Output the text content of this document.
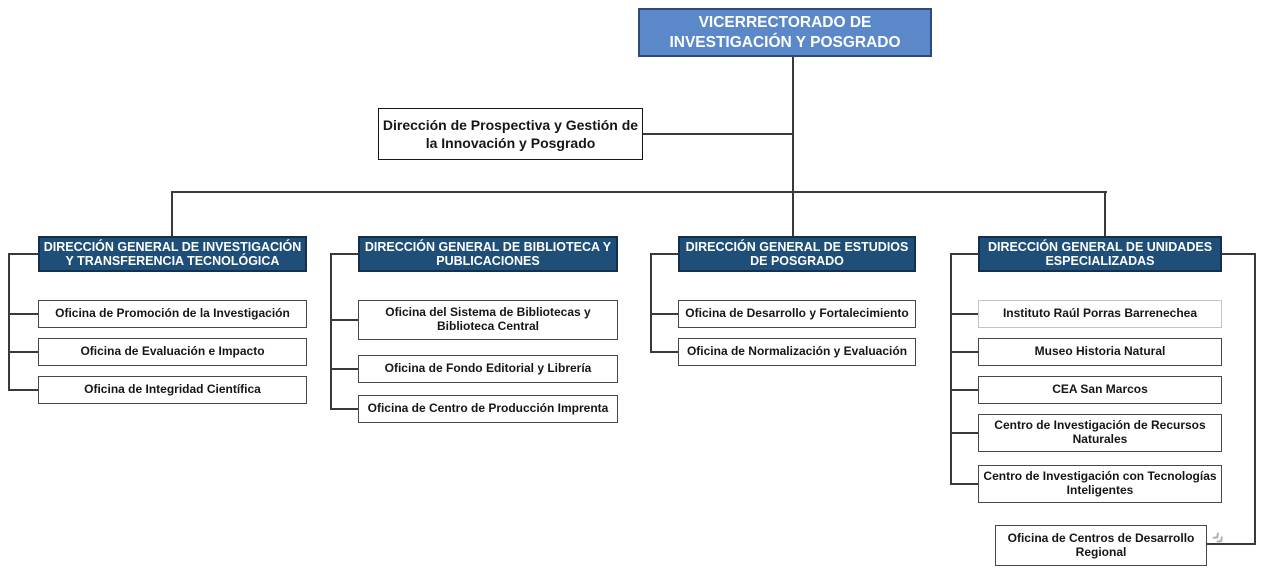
››
VICERRECTORADO DE INVESTIGACIÓN Y POSGRADO
Dirección de Prospectiva y Gestión de la Innovación y Posgrado
DIRECCIÓN GENERAL DE INVESTIGACIÓN Y TRANSFERENCIA TECNOLÓGICA
Oficina de Promoción de la Investigación
Oficina de Evaluación e Impacto
Oficina de Integridad Científica
DIRECCIÓN GENERAL DE BIBLIOTECA Y PUBLICACIONES
Oficina del Sistema de Bibliotecas y Biblioteca Central
Oficina de Fondo Editorial y Librería
Oficina de Centro de Producción Imprenta
DIRECCIÓN GENERAL DE ESTUDIOS DE POSGRADO
Oficina de Desarrollo y Fortalecimiento
Oficina de Normalización y Evaluación
DIRECCIÓN GENERAL DE UNIDADES ESPECIALIZADAS
Instituto Raúl Porras Barrenechea
Museo Historia Natural
CEA San Marcos
Centro de Investigación de Recursos Naturales
Centro de Investigación con Tecnologías Inteligentes
Oficina de Centros de Desarrollo Regional
